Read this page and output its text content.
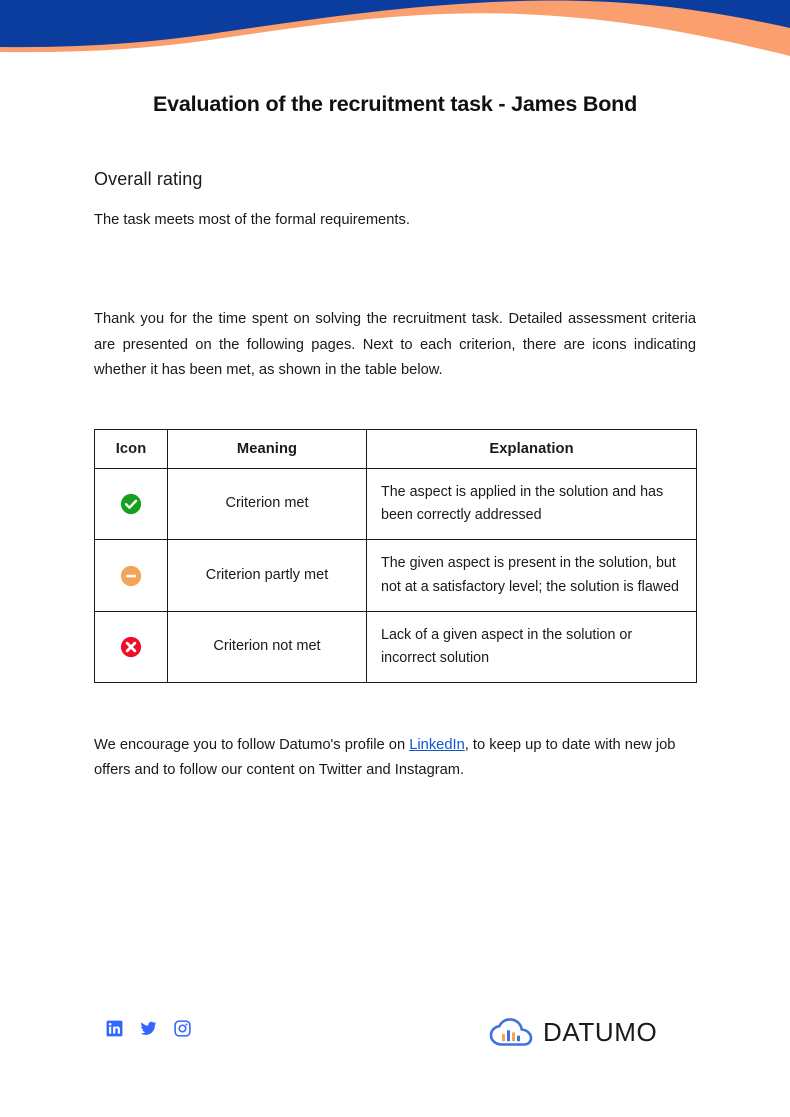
Evaluation of the recruitment task - James Bond
Overall rating

The task meets most of the formal requirements.

Thank you for the time spent on solving the recruitment task. Detailed assessment criteria are presented on the following pages. Next to each criterion, there are icons indicating whether it has been met, as shown in the table below.

Icon	Meaning	Explanation
	Criterion met	The aspect is applied in the solution and has been correctly addressed
	Criterion partly met	The given aspect is present in the solution, but not at a satisfactory level; the solution is flawed
	Criterion not met	Lack of a given aspect in the solution or incorrect solution

We encourage you to follow Datumo's profile on LinkedIn, to keep up to date with new job offers and to follow our content on Twitter and Instagram.

DATUMO
